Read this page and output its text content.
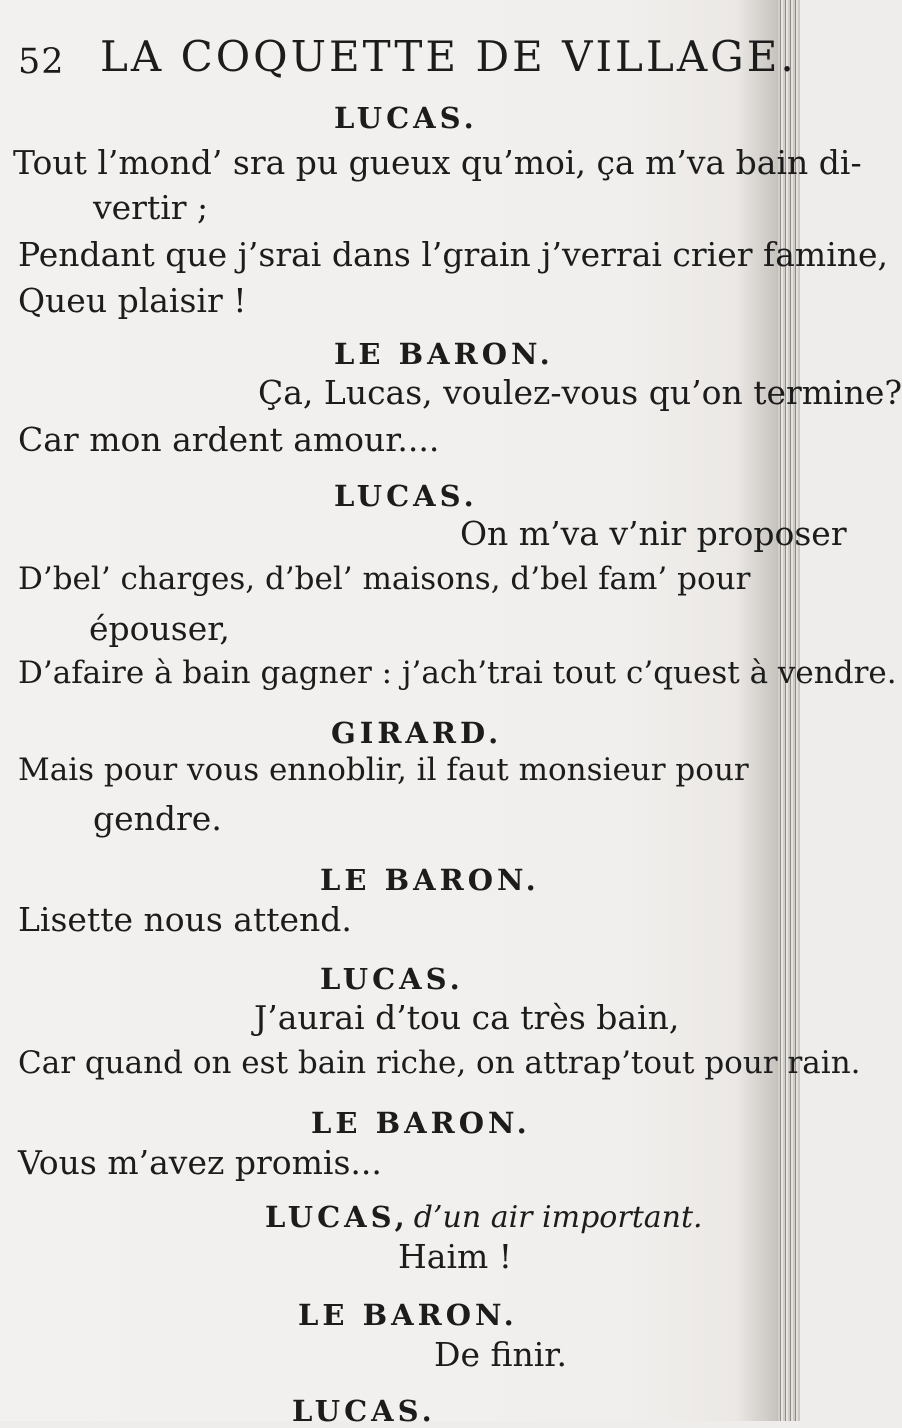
52 LA COQUETTE DE VILLAGE.
LUCAS.
Tout l’mond’ sra pu gueux qu’moi, ça m’va bain di-
vertir ;
Pendant que j’srai dans l’grain j’verrai crier famine,
Queu plaisir !
LE BARON.
Ça, Lucas, voulez-vous qu’on termine?
Car mon ardent amour....
LUCAS.
On m’va v’nir proposer
D’bel’ charges, d’bel’ maisons, d’bel fam’ pour
épouser,
D’afaire à bain gagner : j’ach’trai tout c’quest à vendre.
GIRARD.
Mais pour vous ennoblir, il faut monsieur pour
gendre.
LE BARON.
Lisette nous attend.
LUCAS.
J’aurai d’tou ca très bain,
Car quand on est bain riche, on attrap’tout pour rain.
LE BARON.
Vous m’avez promis...
LUCAS, d’un air important.
Haim !
LE BARON.
De finir.
LUCAS.
